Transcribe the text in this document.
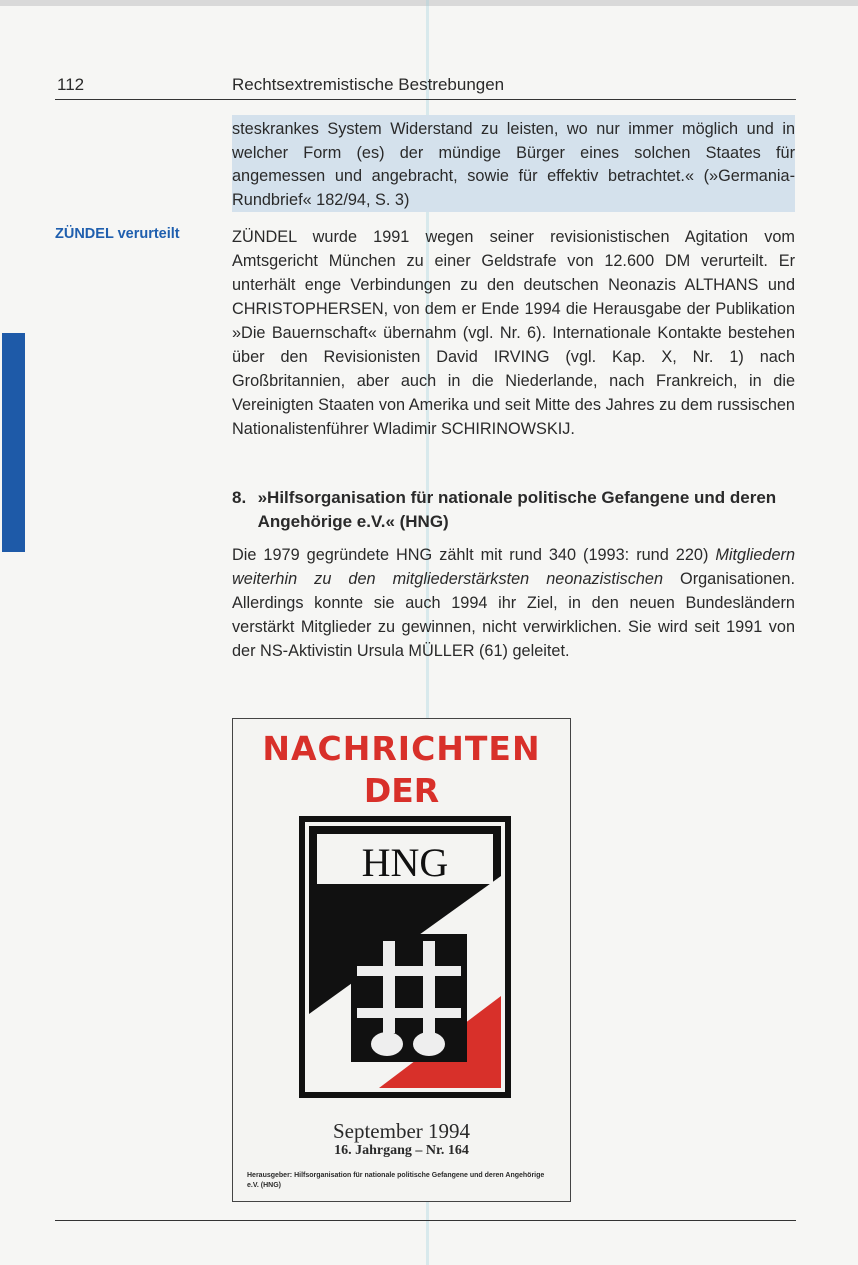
112	Rechtsextremistische Bestrebungen

steskrankes System Widerstand zu leisten, wo nur immer möglich und in welcher Form (es) der mündige Bürger eines solchen Staates für angemessen und angebracht, sowie für effektiv betrachtet.« (»Germania-Rundbrief« 182/94, S. 3)

ZÜNDEL verurteilt	ZÜNDEL wurde 1991 wegen seiner revisionistischen Agitation vom Amtsgericht München zu einer Geldstrafe von 12.600 DM verurteilt. Er unterhält enge Verbindungen zu den deutschen Neonazis ALTHANS und CHRISTOPHERSEN, von dem er Ende 1994 die Herausgabe der Publikation »Die Bauernschaft« übernahm (vgl. Nr. 6). Internationale Kontakte bestehen über den Revisionisten David IRVING (vgl. Kap. X, Nr. 1) nach Großbritannien, aber auch in die Niederlande, nach Frankreich, in die Vereinigten Staaten von Amerika und seit Mitte des Jahres zu dem russischen Nationalistenführer Wladimir SCHIRINOWSKIJ.

8. »Hilfsorganisation für nationale politische Gefangene und deren Angehörige e.V.« (HNG)

Die 1979 gegründete HNG zählt mit rund 340 (1993: rund 220) Mitgliedern weiterhin zu den mitgliederstärksten neonazistischen Organisationen. Allerdings konnte sie auch 1994 ihr Ziel, in den neuen Bundesländern verstärkt Mitglieder zu gewinnen, nicht verwirklichen. Sie wird seit 1991 von der NS-Aktivistin Ursula MÜLLER (61) geleitet.

NACHRICHTEN
DER
HNG
September 1994
16. Jahrgang – Nr. 164
Herausgeber: Hilfsorganisation für nationale politische Gefangene und deren Angehörige e.V. (HNG)
